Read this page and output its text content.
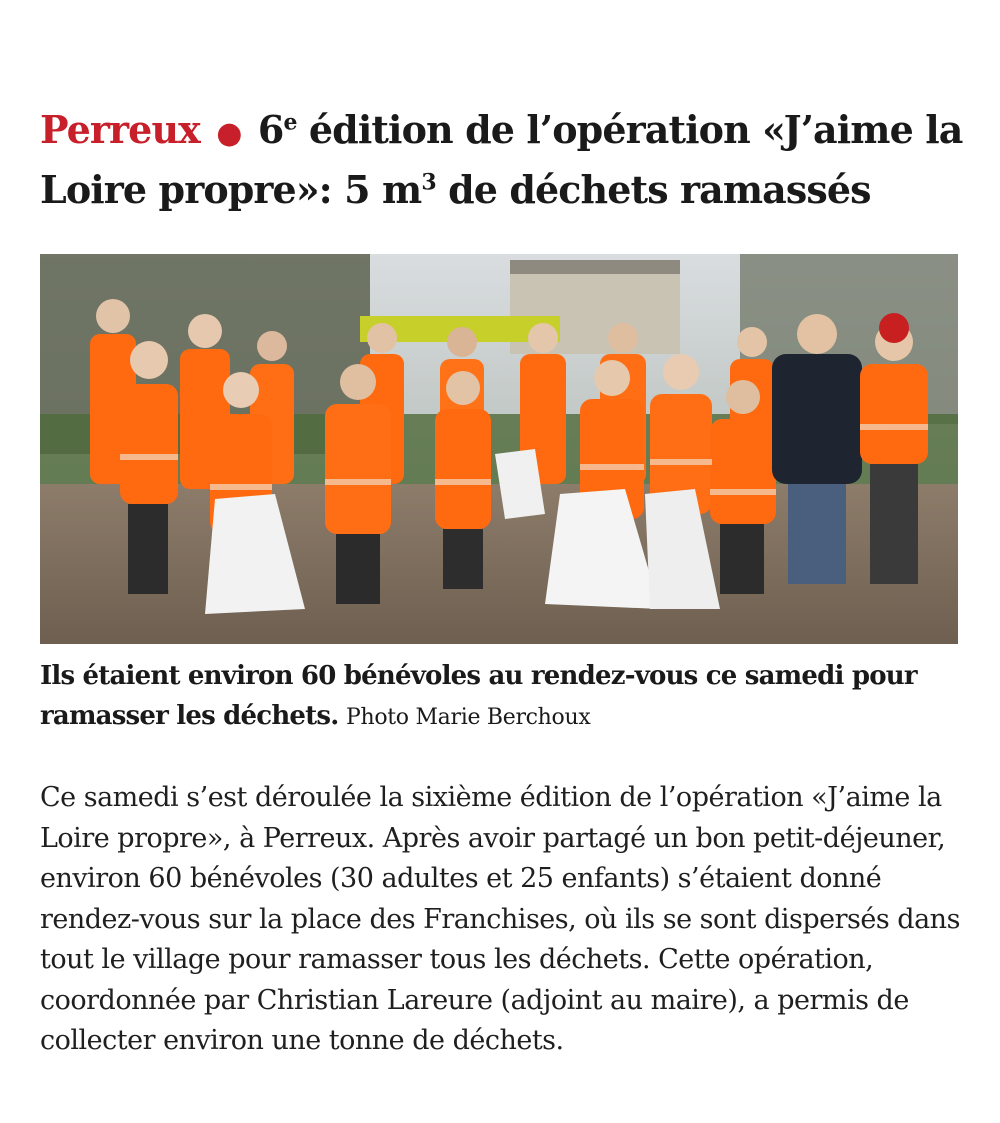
Perreux ● 6e édition de l’opération «J’aime la Loire propre»: 5 $m^3$ de déchets ramassés

Ils étaient environ 60 bénévoles au rendez-vous ce samedi pour ramasser les déchets. Photo Marie Berchoux

Ce samedi s’est déroulée la sixième édition de l’opération «J’aime la Loire propre», à Perreux. Après avoir partagé un bon petit-déjeuner, environ 60 bénévoles (30 adultes et 25 enfants) s’étaient donné rendez-vous sur la place des Franchises, où ils se sont dispersés dans tout le village pour ramasser tous les déchets. Cette opération, coordonnée par Christian Lareure (adjoint au maire), a permis de collecter environ une tonne de déchets.
